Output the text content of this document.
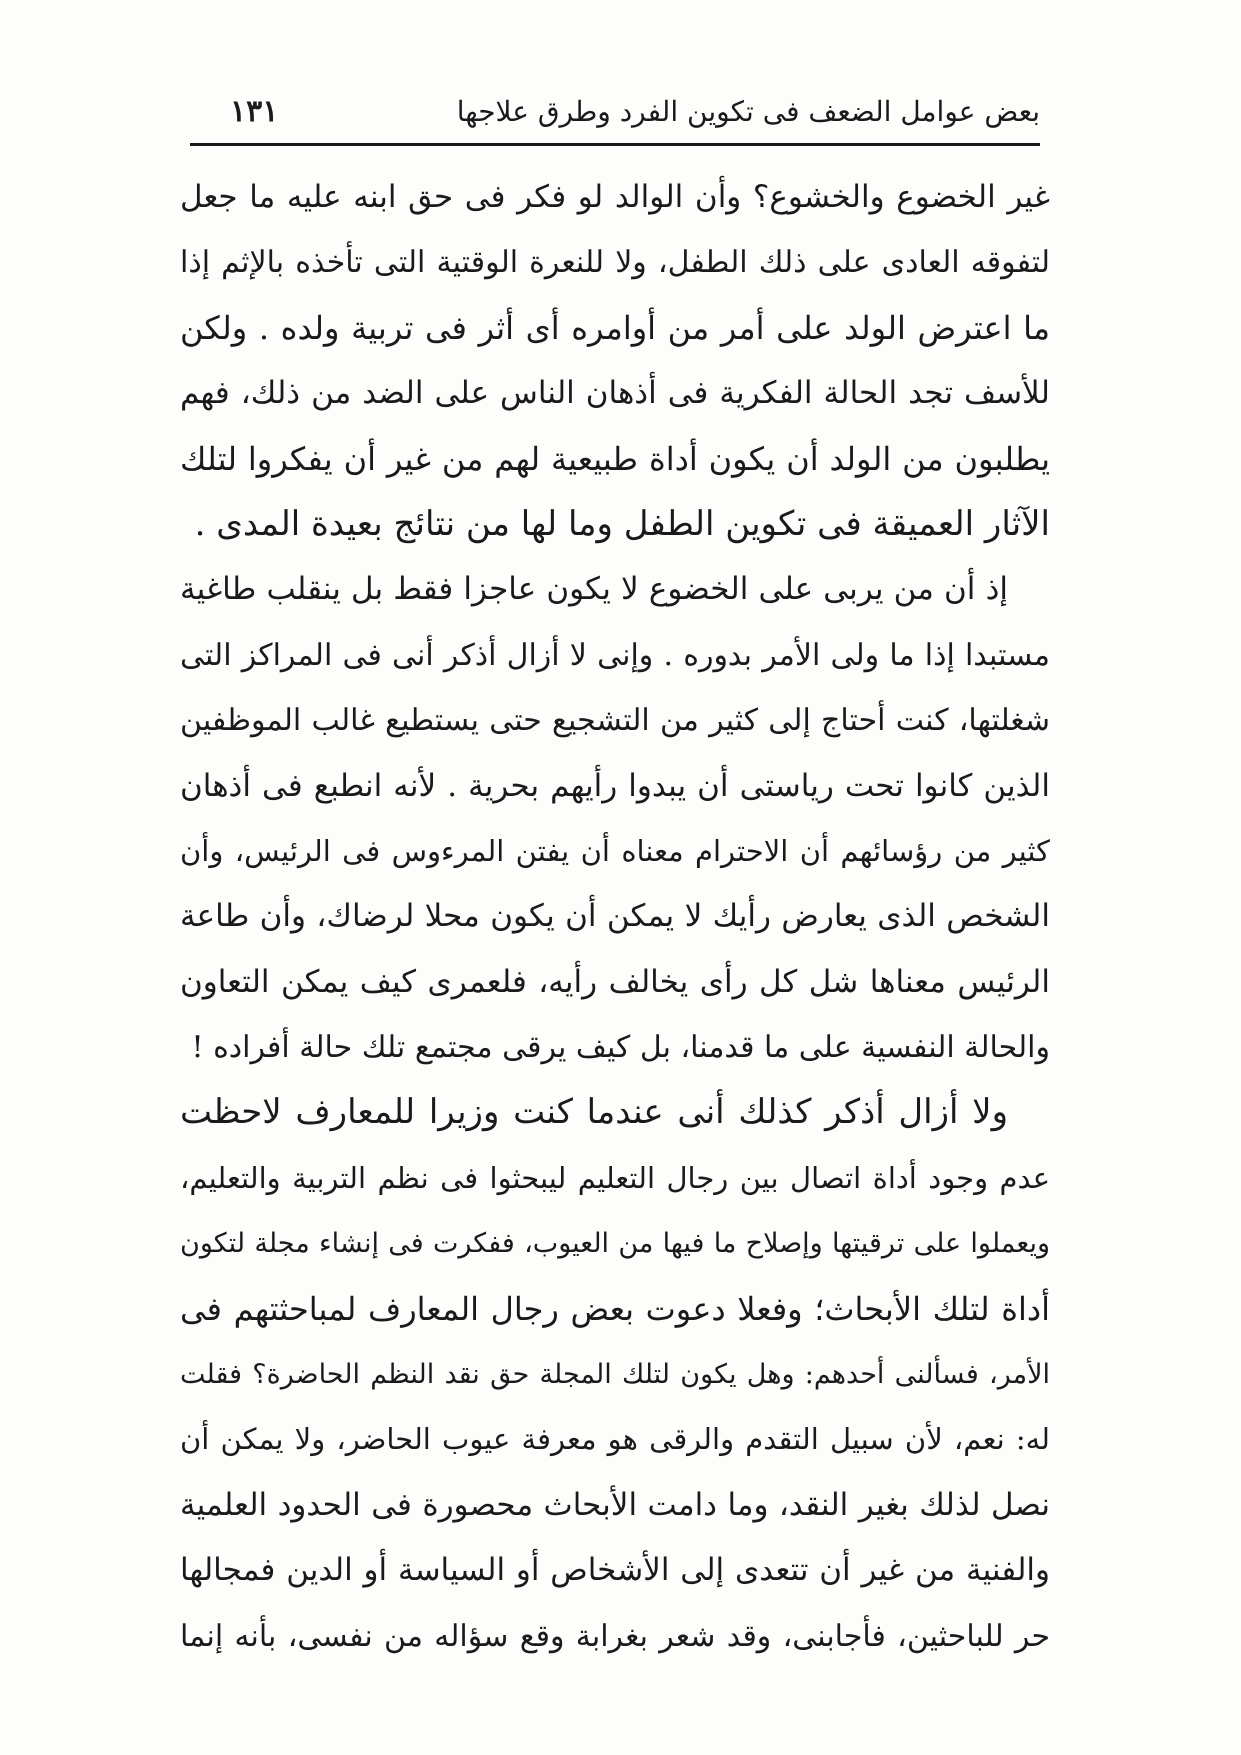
بعض عوامل الضعف فى تكوين الفرد وطرق علاجها
١٣١
غير الخضوع والخشوع؟ وأن الوالد لو فكر فى حق ابنه عليه ما جعل
لتفوقه العادى على ذلك الطفل، ولا للنعرة الوقتية التى تأخذه بالإثم إذا
ما اعترض الولد على أمر من أوامره أى أثر فى تربية ولده . ولكن
للأسف تجد الحالة الفكرية فى أذهان الناس على الضد من ذلك، فهم
يطلبون من الولد أن يكون أداة طبيعية لهم من غير أن يفكروا لتلك
الآثار العميقة فى تكوين الطفل وما لها من نتائج بعيدة المدى .
إذ أن من يربى على الخضوع لا يكون عاجزا فقط بل ينقلب طاغية
مستبدا إذا ما ولى الأمر بدوره . وإنى لا أزال أذكر أنى فى المراكز التى
شغلتها، كنت أحتاج إلى كثير من التشجيع حتى يستطيع غالب الموظفين
الذين كانوا تحت رياستى أن يبدوا رأيهم بحرية . لأنه انطبع فى أذهان
كثير من رؤسائهم أن الاحترام معناه أن يفتن المرءوس فى الرئيس، وأن
الشخص الذى يعارض رأيك لا يمكن أن يكون محلا لرضاك، وأن طاعة
الرئيس معناها شل كل رأى يخالف رأيه، فلعمرى كيف يمكن التعاون
والحالة النفسية على ما قدمنا، بل كيف يرقى مجتمع تلك حالة أفراده !
ولا أزال أذكر كذلك أنى عندما كنت وزيرا للمعارف لاحظت
عدم وجود أداة اتصال بين رجال التعليم ليبحثوا فى نظم التربية والتعليم،
ويعملوا على ترقيتها وإصلاح ما فيها من العيوب، ففكرت فى إنشاء مجلة لتكون
أداة لتلك الأبحاث؛ وفعلا دعوت بعض رجال المعارف لمباحثتهم فى
الأمر، فسألنى أحدهم: وهل يكون لتلك المجلة حق نقد النظم الحاضرة؟ فقلت
له: نعم، لأن سبيل التقدم والرقى هو معرفة عيوب الحاضر، ولا يمكن أن
نصل لذلك بغير النقد، وما دامت الأبحاث محصورة فى الحدود العلمية
والفنية من غير أن تتعدى إلى الأشخاص أو السياسة أو الدين فمجالها
حر للباحثين، فأجابنى، وقد شعر بغرابة وقع سؤاله من نفسى، بأنه إنما
